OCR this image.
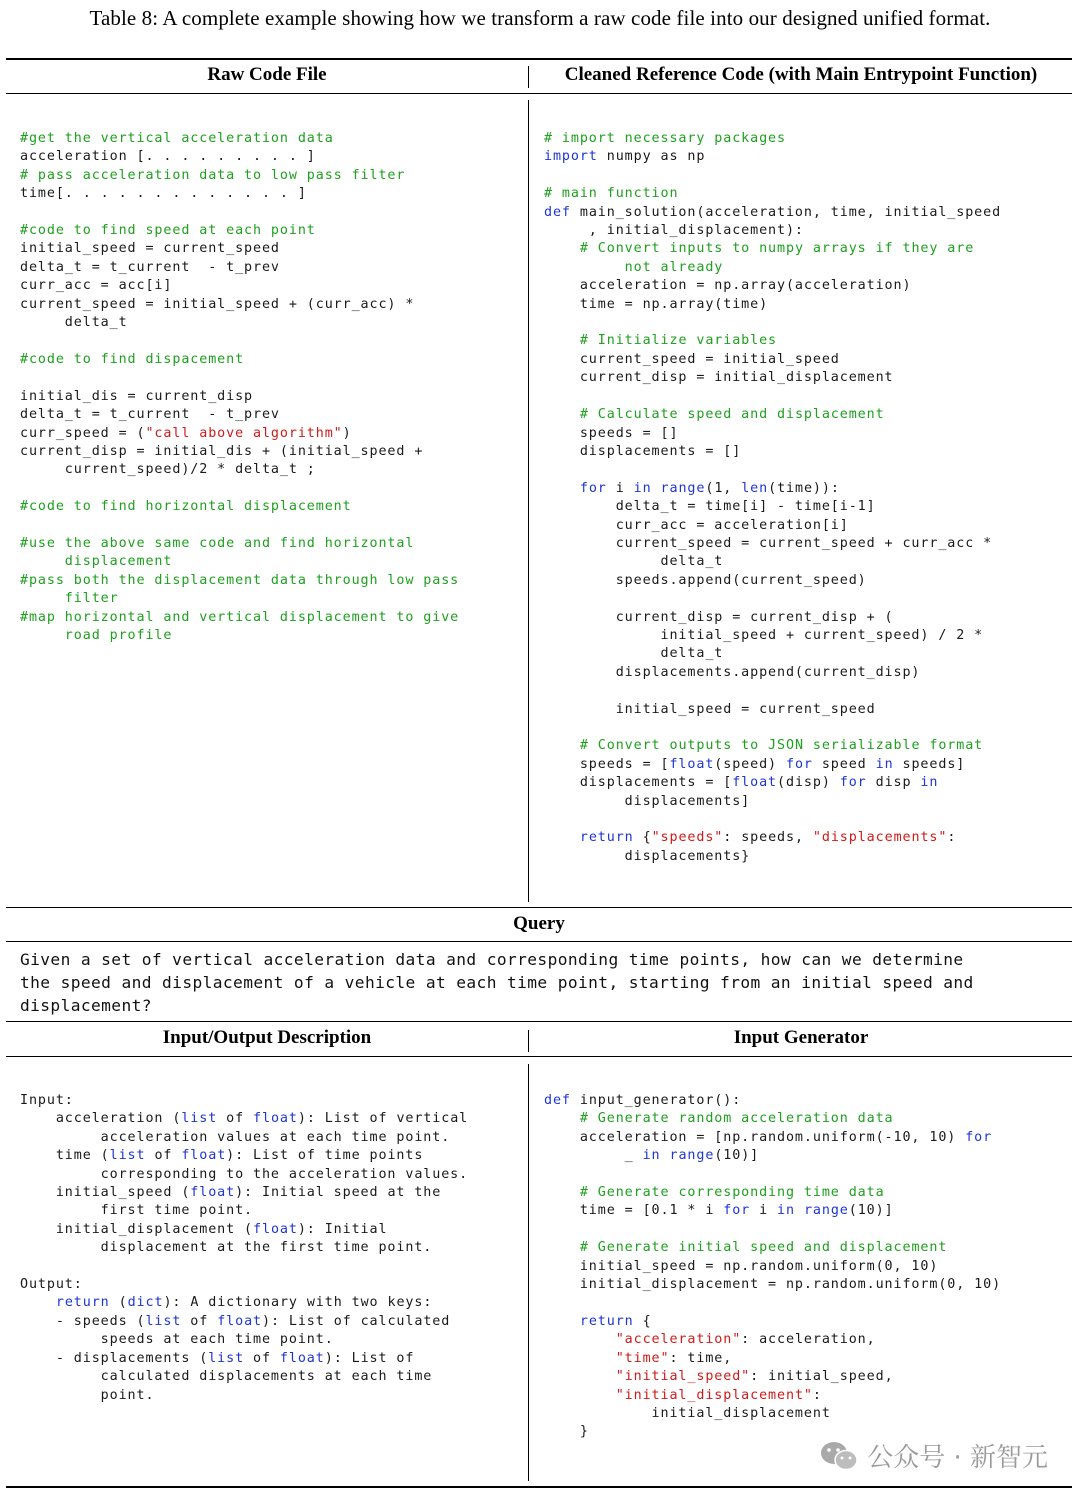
Table 8: A complete example showing how we transform a raw code file into our designed unified format.
Raw Code File	Cleaned Reference Code (with Main Entrypoint Function)
#get the vertical acceleration data
acceleration [. . . . . . . . . ]
# pass acceleration data to low pass filter
time[. . . . . . . . . . . . . ]

#code to find speed at each point
initial_speed = current_speed
delta_t = t_current  - t_prev
curr_acc = acc[i]
current_speed = initial_speed + (curr_acc) *
delta_t

#code to find dispacement

initial_dis = current_disp
delta_t = t_current  - t_prev
curr_speed = ("call above algorithm")
current_disp = initial_dis + (initial_speed +
current_speed)/2 * delta_t ;

#code to find horizontal displacement

#use the above same code and find horizontal
displacement
#pass both the displacement data through low pass
filter
#map horizontal and vertical displacement to give
road profile
# import necessary packages
import numpy as np

# main function
def main_solution(acceleration, time, initial_speed
, initial_displacement):
# Convert inputs to numpy arrays if they are
not already
acceleration = np.array(acceleration)
time = np.array(time)

# Initialize variables
current_speed = initial_speed
current_disp = initial_displacement

# Calculate speed and displacement
speeds = []
displacements = []

for i in range(1, len(time)):
delta_t = time[i] - time[i-1]
curr_acc = acceleration[i]
current_speed = current_speed + curr_acc *
delta_t
speeds.append(current_speed)

current_disp = current_disp + (
initial_speed + current_speed) / 2 *
delta_t
displacements.append(current_disp)

initial_speed = current_speed

# Convert outputs to JSON serializable format
speeds = [float(speed) for speed in speeds]
displacements = [float(disp) for disp in
displacements]

return {"speeds": speeds, "displacements":
displacements}
Query
Given a set of vertical acceleration data and corresponding time points, how can we determine
the speed and displacement of a vehicle at each time point, starting from an initial speed and
displacement?
Input/Output Description	Input Generator
Input:
acceleration (list of float): List of vertical
acceleration values at each time point.
time (list of float): List of time points
corresponding to the acceleration values.
initial_speed (float): Initial speed at the
first time point.
initial_displacement (float): Initial
displacement at the first time point.

Output:
return (dict): A dictionary with two keys:
- speeds (list of float): List of calculated
speeds at each time point.
- displacements (list of float): List of
calculated displacements at each time
point.
def input_generator():
# Generate random acceleration data
acceleration = [np.random.uniform(-10, 10) for
_ in range(10)]

# Generate corresponding time data
time = [0.1 * i for i in range(10)]

# Generate initial speed and displacement
initial_speed = np.random.uniform(0, 10)
initial_displacement = np.random.uniform(0, 10)

return {
"acceleration": acceleration,
"time": time,
"initial_speed": initial_speed,
"initial_displacement":
initial_displacement
}
公众号 · 新智元
